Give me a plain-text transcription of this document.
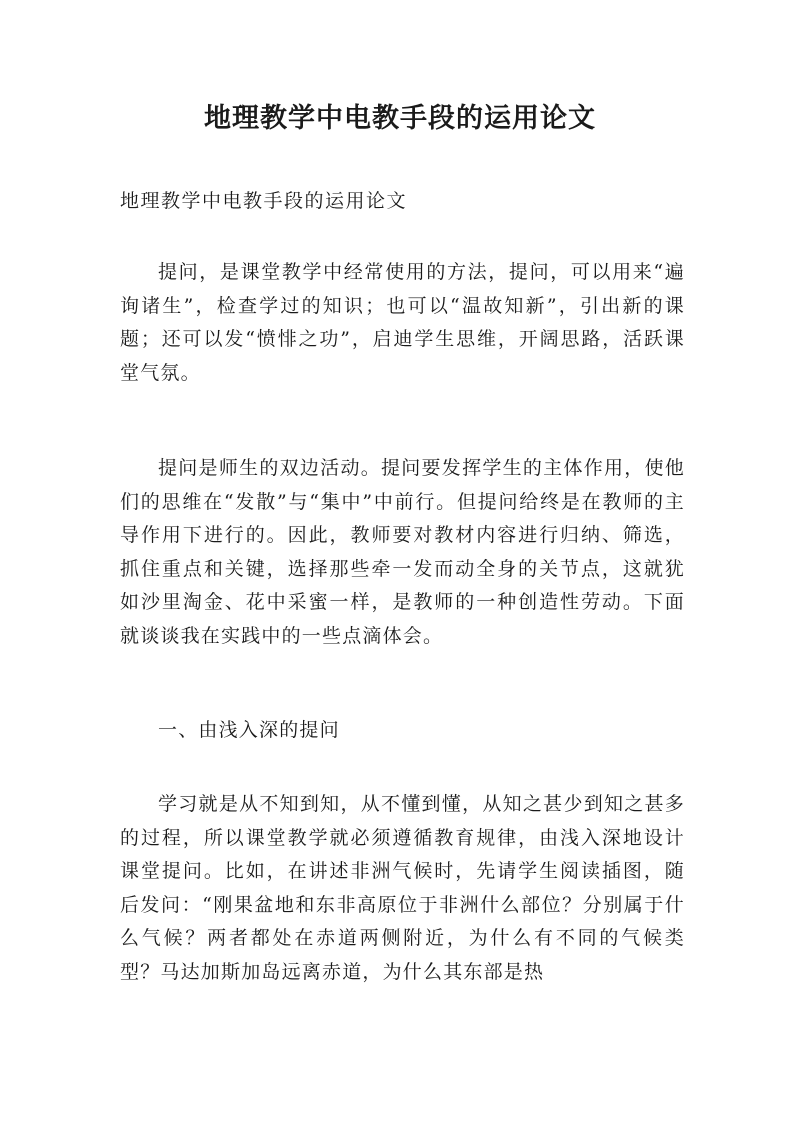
地理教学中电教手段的运用论文

地理教学中电教手段的运用论文

提问，是课堂教学中经常使用的方法，提问，可以用来“遍询诸生”，检查学过的知识；也可以“温故知新”，引出新的课题；还可以发“愤悱之功”，启迪学生思维，开阔思路，活跃课堂气氛。

提问是师生的双边活动。提问要发挥学生的主体作用，使他们的思维在“发散”与“集中”中前行。但提问给终是在教师的主导作用下进行的。因此，教师要对教材内容进行归纳、筛选，抓住重点和关键，选择那些牵一发而动全身的关节点，这就犹如沙里淘金、花中采蜜一样，是教师的一种创造性劳动。下面就谈谈我在实践中的一些点滴体会。

一、由浅入深的提问

学习就是从不知到知，从不懂到懂，从知之甚少到知之甚多的过程，所以课堂教学就必须遵循教育规律，由浅入深地设计课堂提问。比如，在讲述非洲气候时，先请学生阅读插图，随后发问：“刚果盆地和东非高原位于非洲什么部位？分别属于什么气候？两者都处在赤道两侧附近，为什么有不同的气候类型？马达加斯加岛远离赤道，为什么其东部是热
